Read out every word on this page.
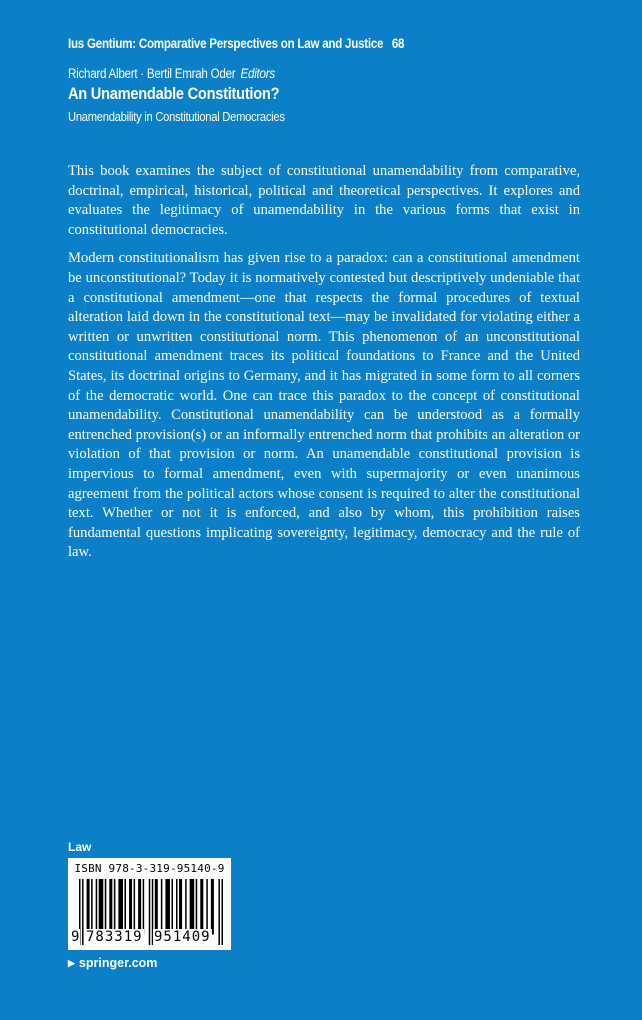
Ius Gentium: Comparative Perspectives on Law and Justice 68
Richard Albert · Bertil Emrah Oder Editors
An Unamendable Constitution?
Unamendability in Constitutional Democracies

This book examines the subject of constitutional unamendability from comparative, doctrinal, empirical, historical, political and theoretical perspectives. It explores and evaluates the legitimacy of unamendability in the various forms that exist in constitutional democracies.

Modern constitutionalism has given rise to a paradox: can a constitutional amendment be unconstitutional? Today it is normatively contested but descriptively undeniable that a constitutional amendment—one that respects the formal procedures of textual alteration laid down in the constitutional text—may be invalidated for violating either a written or unwritten constitutional norm. This phenomenon of an unconstitutional constitutional amendment traces its political foundations to France and the United States, its doctrinal origins to Germany, and it has migrated in some form to all corners of the democratic world. One can trace this paradox to the concept of constitutional unamendability. Constitutional unamendability can be understood as a formally entrenched provision(s) or an informally entrenched norm that prohibits an alteration or violation of that provision or norm. An unamendable constitutional provision is impervious to formal amendment, even with supermajority or even unanimous agreement from the political actors whose consent is required to alter the constitutional text. Whether or not it is enforced, and also by whom, this prohibition raises fundamental questions implicating sovereignty, legitimacy, democracy and the rule of law.

Law
ISBN 978-3-319-95140-9
9 783319 951409
▶ springer.com
